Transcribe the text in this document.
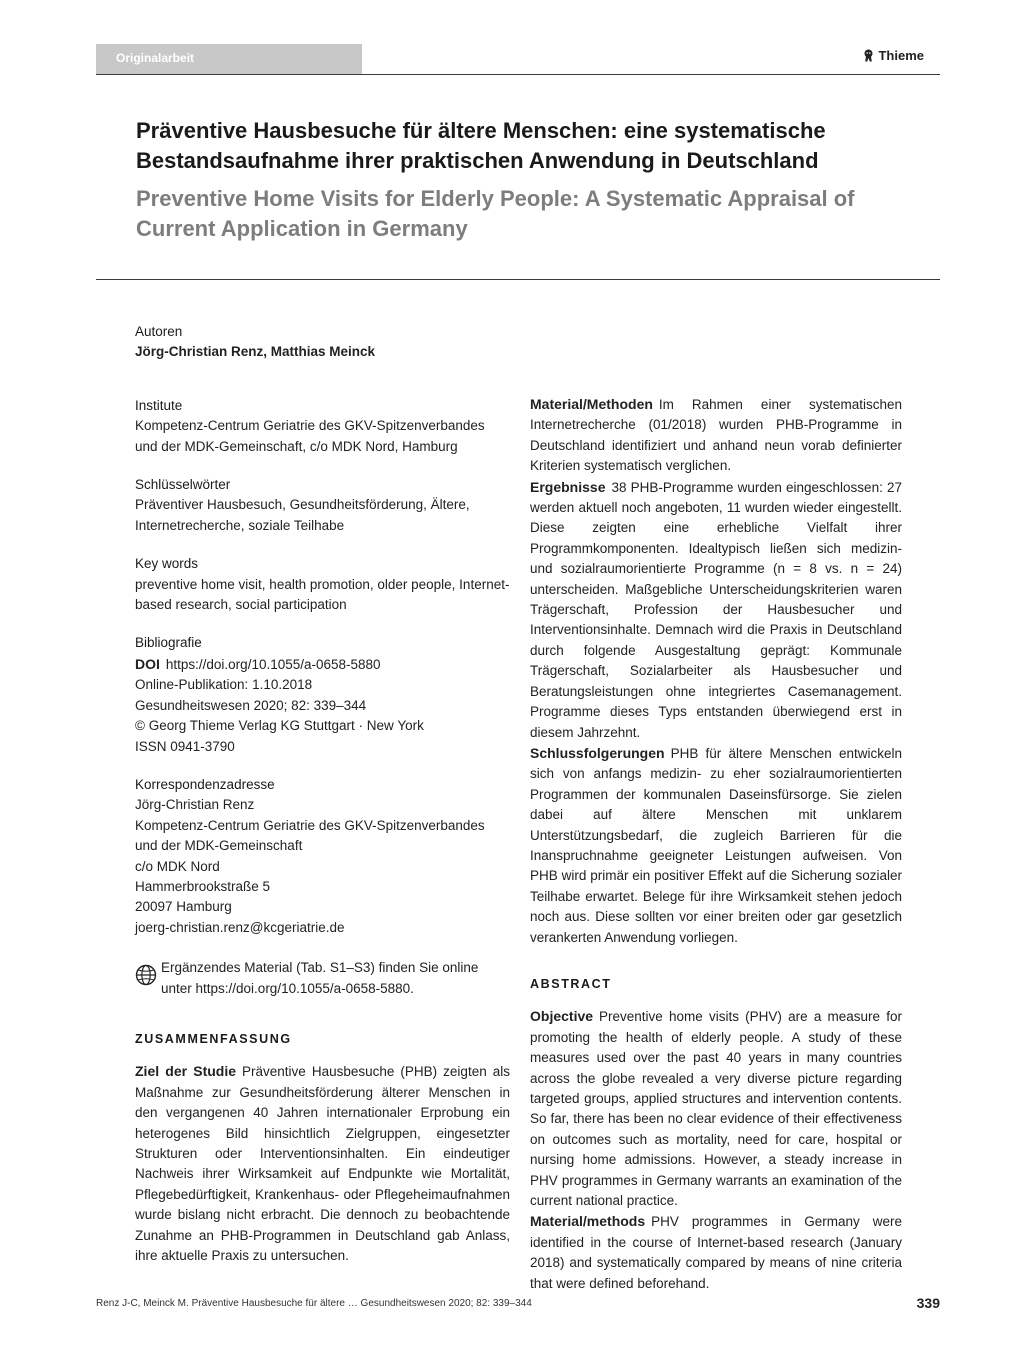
Originalarbeit	Thieme
Präventive Hausbesuche für ältere Menschen: eine systematische Bestandsaufnahme ihrer praktischen Anwendung in Deutschland
Preventive Home Visits for Elderly People: A Systematic Appraisal of Current Application in Germany

Autoren

Jörg-Christian Renz, Matthias Meinck

Institute

Kompetenz-Centrum Geriatrie des GKV-Spitzenverbandes und der MDK-Gemeinschaft, c/o MDK Nord, Hamburg

Schlüsselwörter

Präventiver Hausbesuch, Gesundheitsförderung, Ältere, Internetrecherche, soziale Teilhabe

Key words

preventive home visit, health promotion, older people, Internet-based research, social participation

Bibliografie

DOI https://doi.org/10.1055/a-0658-5880

Online-Publikation: 1.10.2018

Gesundheitswesen 2020; 82: 339–344

© Georg Thieme Verlag KG Stuttgart · New York

ISSN 0941-3790

Korrespondenzadresse

Jörg-Christian Renz

Kompetenz-Centrum Geriatrie des GKV-Spitzenverbandes

und der MDK-Gemeinschaft

c/o MDK Nord

Hammerbrookstraße 5

20097 Hamburg

joerg-christian.renz@kcgeriatrie.de

Ergänzendes Material (Tab. S1–S3) finden Sie online unter https://doi.org/10.1055/a-0658-5880.

ZUSAMMENFASSUNG

Ziel der Studie Präventive Hausbesuche (PHB) zeigten als Maßnahme zur Gesundheitsförderung älterer Menschen in den vergangenen 40 Jahren internationaler Erprobung ein heterogenes Bild hinsichtlich Zielgruppen, eingesetzter Strukturen oder Interventionsinhalten. Ein eindeutiger Nachweis ihrer Wirksamkeit auf Endpunkte wie Mortalität, Pflegebedürftigkeit, Krankenhaus- oder Pflegeheimaufnahmen wurde bislang nicht erbracht. Die dennoch zu beobachtende Zunahme an PHB-Programmen in Deutschland gab Anlass, ihre aktuelle Praxis zu untersuchen.

Material/Methoden Im Rahmen einer systematischen Internetrecherche (01/2018) wurden PHB-Programme in Deutschland identifiziert und anhand neun vorab definierter Kriterien systematisch verglichen.

Ergebnisse 38 PHB-Programme wurden eingeschlossen: 27 werden aktuell noch angeboten, 11 wurden wieder eingestellt. Diese zeigten eine erhebliche Vielfalt ihrer Programmkomponenten. Idealtypisch ließen sich medizin- und sozialraumorientierte Programme (n = 8 vs. n = 24) unterscheiden. Maßgebliche Unterscheidungskriterien waren Trägerschaft, Profession der Hausbesucher und Interventionsinhalte. Demnach wird die Praxis in Deutschland durch folgende Ausgestaltung geprägt: Kommunale Trägerschaft, Sozialarbeiter als Hausbesucher und Beratungsleistungen ohne integriertes Casemanagement. Programme dieses Typs entstanden überwiegend erst in diesem Jahrzehnt.

Schlussfolgerungen PHB für ältere Menschen entwickeln sich von anfangs medizin- zu eher sozialraumorientierten Programmen der kommunalen Daseinsfürsorge. Sie zielen dabei auf ältere Menschen mit unklarem Unterstützungsbedarf, die zugleich Barrieren für die Inanspruchnahme geeigneter Leistungen aufweisen. Von PHB wird primär ein positiver Effekt auf die Sicherung sozialer Teilhabe erwartet. Belege für ihre Wirksamkeit stehen jedoch noch aus. Diese sollten vor einer breiten oder gar gesetzlich verankerten Anwendung vorliegen.

ABSTRACT

Objective Preventive home visits (PHV) are a measure for promoting the health of elderly people. A study of these measures used over the past 40 years in many countries across the globe revealed a very diverse picture regarding targeted groups, applied structures and intervention contents. So far, there has been no clear evidence of their effectiveness on outcomes such as mortality, need for care, hospital or nursing home admissions. However, a steady increase in PHV programmes in Germany warrants an examination of the current national practice.

Material/methods PHV programmes in Germany were identified in the course of Internet-based research (January 2018) and systematically compared by means of nine criteria that were defined beforehand.

Renz J-C, Meinck M. Präventive Hausbesuche für ältere … Gesundheitswesen 2020; 82: 339–344	339
